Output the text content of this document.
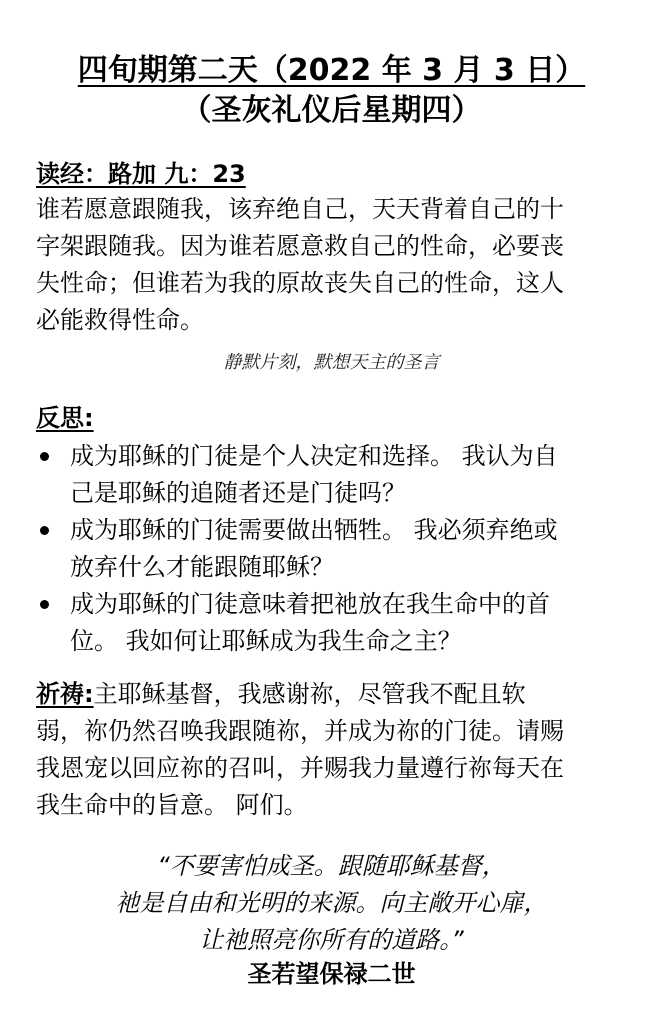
四旬期第二天（2022 年 3 月 3 日）
（圣灰礼仪后星期四）
读经：路加 九：23
谁若愿意跟随我，该弃绝自己，天天背着自己的十
字架跟随我。因为谁若愿意救自己的性命，必要丧
失性命；但谁若为我的原故丧失自己的性命，这人
必能救得性命。
静默片刻，默想天主的圣言
反思:
成为耶稣的门徒是个人决定和选择。 我认为自
己是耶稣的追随者还是门徒吗？
成为耶稣的门徒需要做出牺牲。 我必须弃绝或
放弃什么才能跟随耶稣？
成为耶稣的门徒意味着把祂放在我生命中的首
位。 我如何让耶稣成为我生命之主？
祈祷:主耶稣基督，我感谢祢，尽管我不配且软
弱，祢仍然召唤我跟随祢，并成为祢的门徒。请赐
我恩宠以回应祢的召叫，并赐我力量遵行祢每天在
我生命中的旨意。 阿们。
“不要害怕成圣。跟随耶稣基督，
祂是自由和光明的来源。向主敞开心扉，
让祂照亮你所有的道路。”
圣若望保禄二世
